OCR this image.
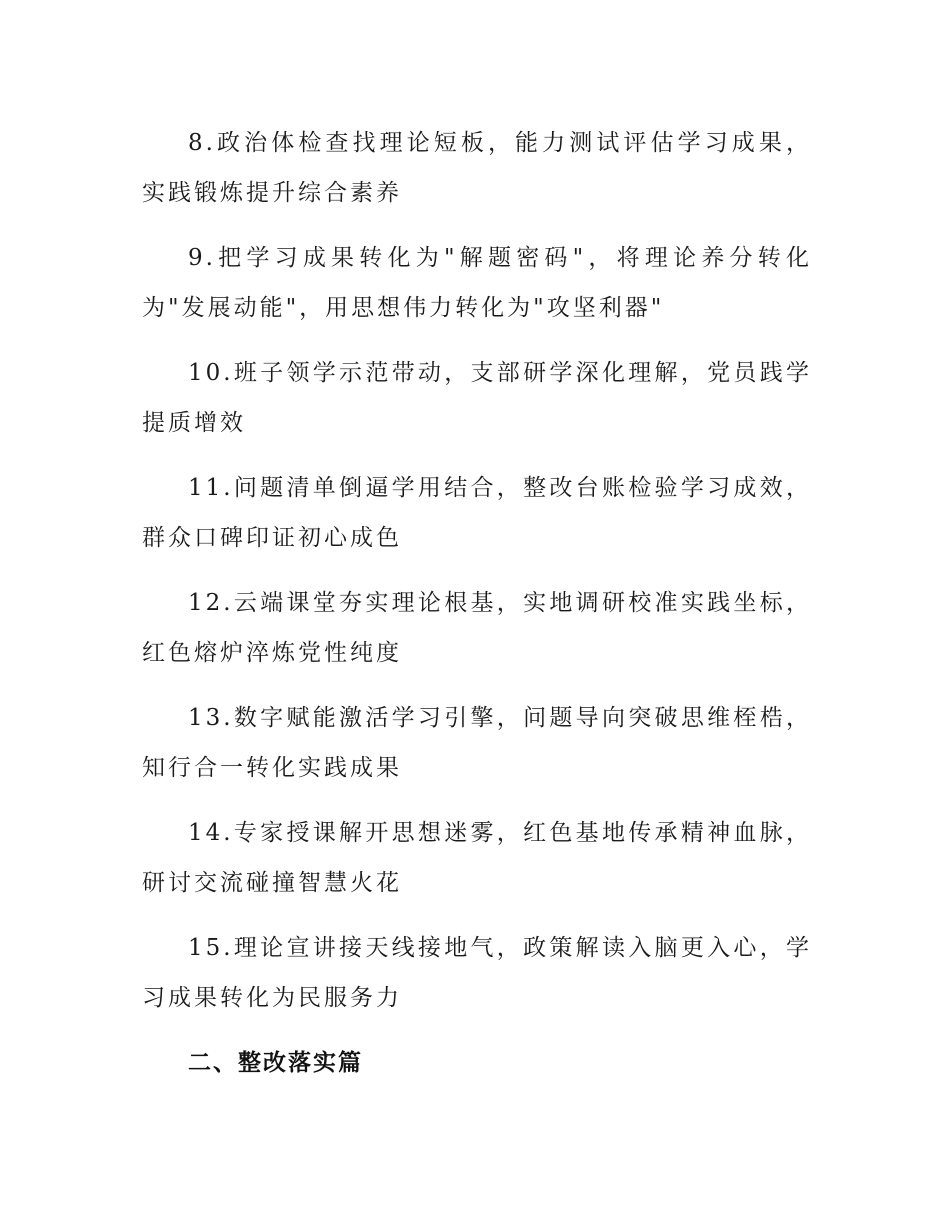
8.政治体检查找理论短板，能力测试评估学习成果，实践锻炼提升综合素养

9.把学习成果转化为"解题密码"，将理论养分转化为"发展动能"，用思想伟力转化为"攻坚利器"

10.班子领学示范带动，支部研学深化理解，党员践学提质增效

11.问题清单倒逼学用结合，整改台账检验学习成效，群众口碑印证初心成色

12.云端课堂夯实理论根基，实地调研校准实践坐标，红色熔炉淬炼党性纯度

13.数字赋能激活学习引擎，问题导向突破思维桎梏，知行合一转化实践成果

14.专家授课解开思想迷雾，红色基地传承精神血脉，研讨交流碰撞智慧火花

15.理论宣讲接天线接地气，政策解读入脑更入心，学习成果转化为民服务力

二、整改落实篇
